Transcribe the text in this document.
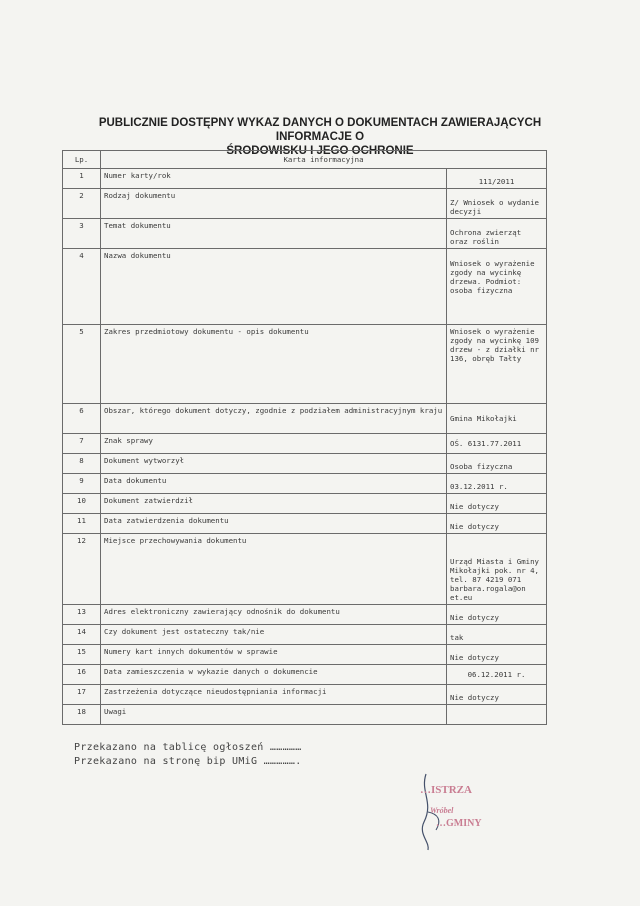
PUBLICZNIE DOSTĘPNY WYKAZ DANYCH O DOKUMENTACH ZAWIERAJĄCYCH INFORMACJE O
ŚRODOWISKU I JEGO OCHRONIE
Lp.	Karta informacyjna	
1	Numer karty/rok	111/2011
2	Rodzaj dokumentu	Z/ Wniosek o wydanie decyzji
3	Temat dokumentu	Ochrona zwierząt oraz roślin
4	Nazwa dokumentu	Wniosek o wyrażenie zgody na wycinkę drzewa. Podmiot: osoba fizyczna
5	Zakres przedmiotowy dokumentu - opis dokumentu	Wniosek o wyrażenie zgody na wycinkę 109 drzew - z działki nr 136, obręb Tałty
6	Obszar, którego dokument dotyczy, zgodnie z podziałem administracyjnym kraju	Gmina Mikołajki
7	Znak sprawy	OŚ. 6131.77.2011
8	Dokument wytworzył	Osoba fizyczna
9	Data dokumentu	03.12.2011 r.
10	Dokument zatwierdził	Nie dotyczy
11	Data zatwierdzenia dokumentu	Nie dotyczy
12	Miejsce przechowywania dokumentu	Urząd Miasta i Gminy Mikołajki pok. nr 4, tel. 87 4219 071 barbara.rogala@on et.eu
13	Adres elektroniczny zawierający odnośnik do dokumentu	Nie dotyczy
14	Czy dokument jest ostateczny tak/nie	tak
15	Numery kart innych dokumentów w sprawie	Nie dotyczy
16	Data zamieszczenia w wykazie danych o dokumencie	06.12.2011 r.
17	Zastrzeżenia dotyczące nieudostępniania informacji	Nie dotyczy
18	Uwagi	
Przekazano na tablicę ogłoszeń ……………
Przekazano na stronę bip UMiG …………….
…ISTRZA
Wróbel
…GMINY
